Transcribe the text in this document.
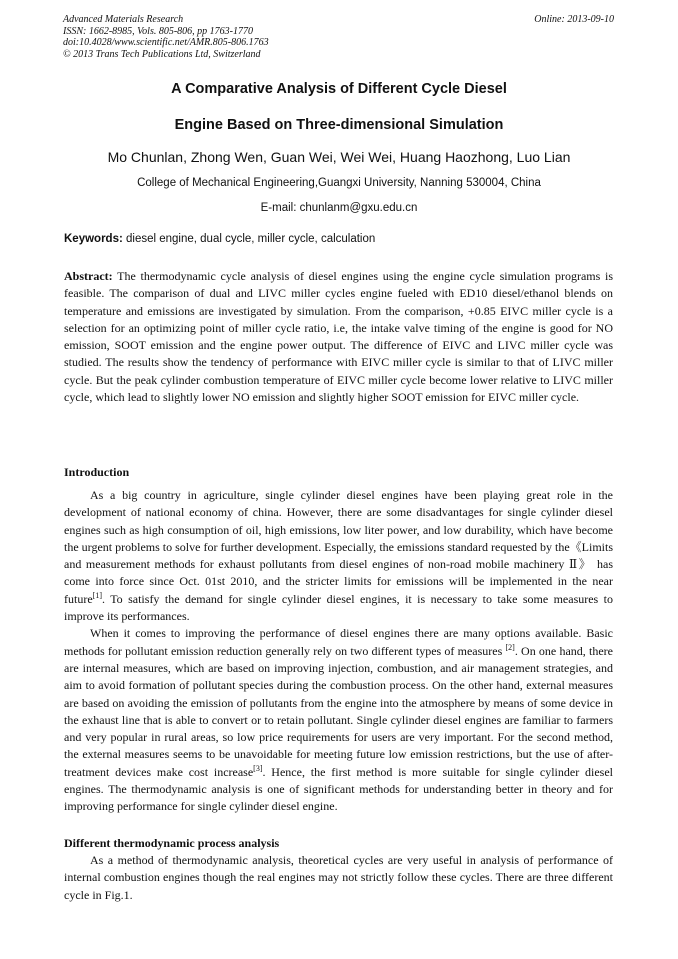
Advanced Materials Research
ISSN: 1662-8985, Vols. 805-806, pp 1763-1770
doi:10.4028/www.scientific.net/AMR.805-806.1763
© 2013 Trans Tech Publications Ltd, Switzerland
Online: 2013-09-10
A Comparative Analysis of Different Cycle Diesel
Engine Based on Three-dimensional Simulation
Mo Chunlan, Zhong Wen, Guan Wei, Wei Wei, Huang Haozhong, Luo Lian
College of Mechanical Engineering,Guangxi University, Nanning 530004, China
E-mail: chunlanm@gxu.edu.cn
Keywords: diesel engine, dual cycle, miller cycle, calculation
Abstract: The thermodynamic cycle analysis of diesel engines using the engine cycle simulation programs is feasible. The comparison of dual and LIVC miller cycles engine fueled with ED10 diesel/ethanol blends on temperature and emissions are investigated by simulation. From the comparison, +0.85 EIVC miller cycle is a selection for an optimizing point of miller cycle ratio, i.e, the intake valve timing of the engine is good for NO emission, SOOT emission and the engine power output. The difference of EIVC and LIVC miller cycle was studied. The results show the tendency of performance with EIVC miller cycle is similar to that of LIVC miller cycle. But the peak cylinder combustion temperature of EIVC miller cycle become lower relative to LIVC miller cycle, which lead to slightly lower NO emission and slightly higher SOOT emission for EIVC miller cycle.
Introduction

As a big country in agriculture, single cylinder diesel engines have been playing great role in the development of national economy of china. However, there are some disadvantages for single cylinder diesel engines such as high consumption of oil, high emissions, low liter power, and low durability, which have become the urgent problems to solve for further development. Especially, the emissions standard requested by the《Limits and measurement methods for exhaust pollutants from diesel engines of non-road mobile machinery Ⅱ》 has come into force since Oct. 01st 2010, and the stricter limits for emissions will be implemented in the near future[1]. To satisfy the demand for single cylinder diesel engines, it is necessary to take some measures to improve its performances.

When it comes to improving the performance of diesel engines there are many options available. Basic methods for pollutant emission reduction generally rely on two different types of measures [2]. On one hand, there are internal measures, which are based on improving injection, combustion, and air management strategies, and aim to avoid formation of pollutant species during the combustion process. On the other hand, external measures are based on avoiding the emission of pollutants from the engine into the atmosphere by means of some device in the exhaust line that is able to convert or to retain pollutant. Single cylinder diesel engines are familiar to farmers and very popular in rural areas, so low price requirements for users are very important. For the second method, the external measures seems to be unavoidable for meeting future low emission restrictions, but the use of after-treatment devices make cost increase[3]. Hence, the first method is more suitable for single cylinder diesel engines. The thermodynamic analysis is one of significant methods for understanding better in theory and for improving performance for single cylinder diesel engine.

Different thermodynamic process analysis

As a method of thermodynamic analysis, theoretical cycles are very useful in analysis of performance of internal combustion engines though the real engines may not strictly follow these cycles. There are three different cycle in Fig.1.
